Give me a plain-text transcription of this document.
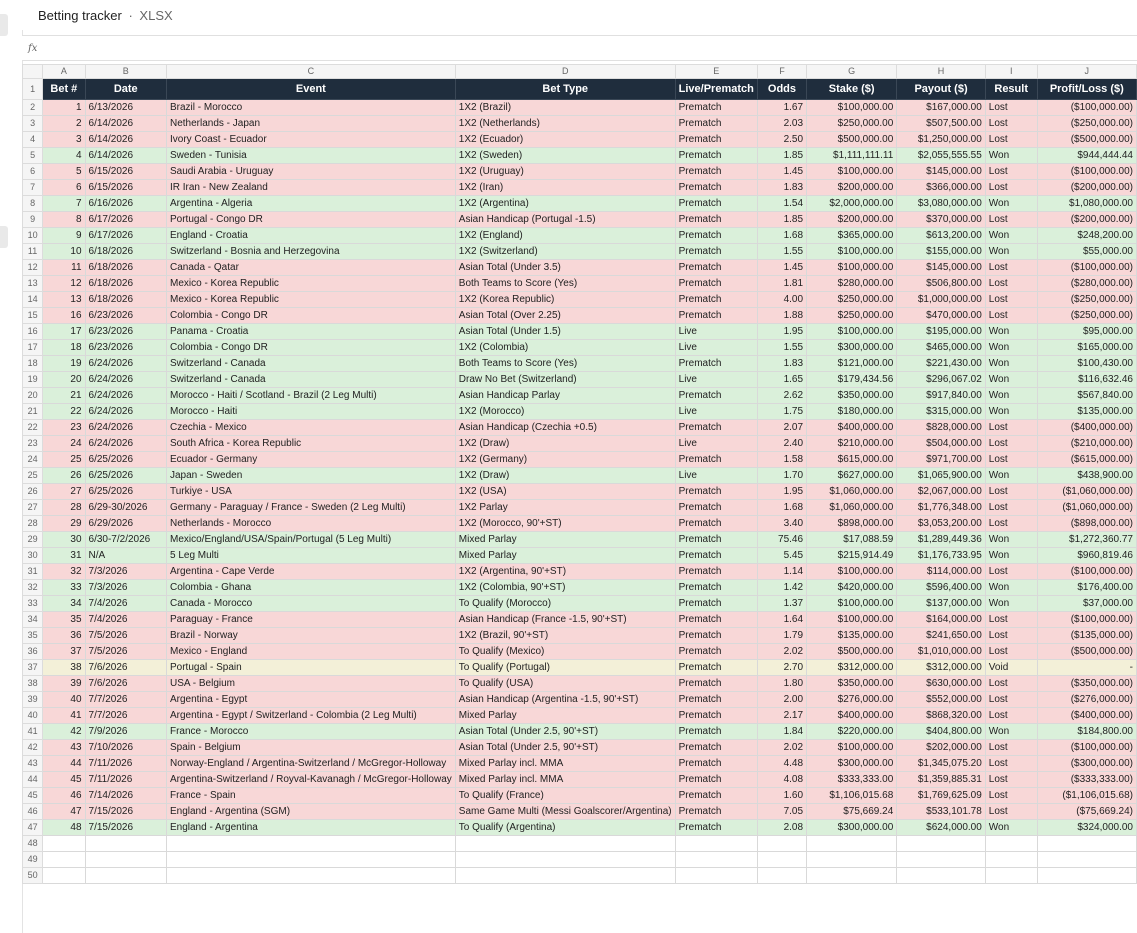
Betting tracker · XLSX
fx
	A	B	C	D	E	F	G	H	I	J
1	Bet #	Date	Event	Bet Type	Live/Prematch	Odds	Stake ($)	Payout ($)	Result	Profit/Loss ($)
2	1	6/13/2026	Brazil - Morocco	1X2 (Brazil)	Prematch	1.67	$100,000.00	$167,000.00	Lost	($100,000.00)
3	2	6/14/2026	Netherlands - Japan	1X2 (Netherlands)	Prematch	2.03	$250,000.00	$507,500.00	Lost	($250,000.00)
4	3	6/14/2026	Ivory Coast - Ecuador	1X2 (Ecuador)	Prematch	2.50	$500,000.00	$1,250,000.00	Lost	($500,000.00)
5	4	6/14/2026	Sweden - Tunisia	1X2 (Sweden)	Prematch	1.85	$1,111,111.11	$2,055,555.55	Won	$944,444.44
6	5	6/15/2026	Saudi Arabia - Uruguay	1X2 (Uruguay)	Prematch	1.45	$100,000.00	$145,000.00	Lost	($100,000.00)
7	6	6/15/2026	IR Iran - New Zealand	1X2 (Iran)	Prematch	1.83	$200,000.00	$366,000.00	Lost	($200,000.00)
8	7	6/16/2026	Argentina - Algeria	1X2 (Argentina)	Prematch	1.54	$2,000,000.00	$3,080,000.00	Won	$1,080,000.00
9	8	6/17/2026	Portugal - Congo DR	Asian Handicap (Portugal -1.5)	Prematch	1.85	$200,000.00	$370,000.00	Lost	($200,000.00)
10	9	6/17/2026	England - Croatia	1X2 (England)	Prematch	1.68	$365,000.00	$613,200.00	Won	$248,200.00
11	10	6/18/2026	Switzerland - Bosnia and Herzegovina	1X2 (Switzerland)	Prematch	1.55	$100,000.00	$155,000.00	Won	$55,000.00
12	11	6/18/2026	Canada - Qatar	Asian Total (Under 3.5)	Prematch	1.45	$100,000.00	$145,000.00	Lost	($100,000.00)
13	12	6/18/2026	Mexico - Korea Republic	Both Teams to Score (Yes)	Prematch	1.81	$280,000.00	$506,800.00	Lost	($280,000.00)
14	13	6/18/2026	Mexico - Korea Republic	1X2 (Korea Republic)	Prematch	4.00	$250,000.00	$1,000,000.00	Lost	($250,000.00)
15	16	6/23/2026	Colombia - Congo DR	Asian Total (Over 2.25)	Prematch	1.88	$250,000.00	$470,000.00	Lost	($250,000.00)
16	17	6/23/2026	Panama - Croatia	Asian Total (Under 1.5)	Live	1.95	$100,000.00	$195,000.00	Won	$95,000.00
17	18	6/23/2026	Colombia - Congo DR	1X2 (Colombia)	Live	1.55	$300,000.00	$465,000.00	Won	$165,000.00
18	19	6/24/2026	Switzerland - Canada	Both Teams to Score (Yes)	Prematch	1.83	$121,000.00	$221,430.00	Won	$100,430.00
19	20	6/24/2026	Switzerland - Canada	Draw No Bet (Switzerland)	Live	1.65	$179,434.56	$296,067.02	Won	$116,632.46
20	21	6/24/2026	Morocco - Haiti / Scotland - Brazil (2 Leg Multi)	Asian Handicap Parlay	Prematch	2.62	$350,000.00	$917,840.00	Won	$567,840.00
21	22	6/24/2026	Morocco - Haiti	1X2 (Morocco)	Live	1.75	$180,000.00	$315,000.00	Won	$135,000.00
22	23	6/24/2026	Czechia - Mexico	Asian Handicap (Czechia +0.5)	Prematch	2.07	$400,000.00	$828,000.00	Lost	($400,000.00)
23	24	6/24/2026	South Africa - Korea Republic	1X2 (Draw)	Live	2.40	$210,000.00	$504,000.00	Lost	($210,000.00)
24	25	6/25/2026	Ecuador - Germany	1X2 (Germany)	Prematch	1.58	$615,000.00	$971,700.00	Lost	($615,000.00)
25	26	6/25/2026	Japan - Sweden	1X2 (Draw)	Live	1.70	$627,000.00	$1,065,900.00	Won	$438,900.00
26	27	6/25/2026	Turkiye - USA	1X2 (USA)	Prematch	1.95	$1,060,000.00	$2,067,000.00	Lost	($1,060,000.00)
27	28	6/29-30/2026	Germany - Paraguay / France - Sweden (2 Leg Multi)	1X2 Parlay	Prematch	1.68	$1,060,000.00	$1,776,348.00	Lost	($1,060,000.00)
28	29	6/29/2026	Netherlands - Morocco	1X2 (Morocco, 90'+ST)	Prematch	3.40	$898,000.00	$3,053,200.00	Lost	($898,000.00)
29	30	6/30-7/2/2026	Mexico/England/USA/Spain/Portugal (5 Leg Multi)	Mixed Parlay	Prematch	75.46	$17,088.59	$1,289,449.36	Won	$1,272,360.77
30	31	N/A	5 Leg Multi	Mixed Parlay	Prematch	5.45	$215,914.49	$1,176,733.95	Won	$960,819.46
31	32	7/3/2026	Argentina - Cape Verde	1X2 (Argentina, 90'+ST)	Prematch	1.14	$100,000.00	$114,000.00	Lost	($100,000.00)
32	33	7/3/2026	Colombia - Ghana	1X2 (Colombia, 90'+ST)	Prematch	1.42	$420,000.00	$596,400.00	Won	$176,400.00
33	34	7/4/2026	Canada - Morocco	To Qualify (Morocco)	Prematch	1.37	$100,000.00	$137,000.00	Won	$37,000.00
34	35	7/4/2026	Paraguay - France	Asian Handicap (France -1.5, 90'+ST)	Prematch	1.64	$100,000.00	$164,000.00	Lost	($100,000.00)
35	36	7/5/2026	Brazil - Norway	1X2 (Brazil, 90'+ST)	Prematch	1.79	$135,000.00	$241,650.00	Lost	($135,000.00)
36	37	7/5/2026	Mexico - England	To Qualify (Mexico)	Prematch	2.02	$500,000.00	$1,010,000.00	Lost	($500,000.00)
37	38	7/6/2026	Portugal - Spain	To Qualify (Portugal)	Prematch	2.70	$312,000.00	$312,000.00	Void	-
38	39	7/6/2026	USA - Belgium	To Qualify (USA)	Prematch	1.80	$350,000.00	$630,000.00	Lost	($350,000.00)
39	40	7/7/2026	Argentina - Egypt	Asian Handicap (Argentina -1.5, 90'+ST)	Prematch	2.00	$276,000.00	$552,000.00	Lost	($276,000.00)
40	41	7/7/2026	Argentina - Egypt / Switzerland - Colombia (2 Leg Multi)	Mixed Parlay	Prematch	2.17	$400,000.00	$868,320.00	Lost	($400,000.00)
41	42	7/9/2026	France - Morocco	Asian Total (Under 2.5, 90'+ST)	Prematch	1.84	$220,000.00	$404,800.00	Won	$184,800.00
42	43	7/10/2026	Spain - Belgium	Asian Total (Under 2.5, 90'+ST)	Prematch	2.02	$100,000.00	$202,000.00	Lost	($100,000.00)
43	44	7/11/2026	Norway-England / Argentina-Switzerland / McGregor-Holloway	Mixed Parlay incl. MMA	Prematch	4.48	$300,000.00	$1,345,075.20	Lost	($300,000.00)
44	45	7/11/2026	Argentina-Switzerland / Royval-Kavanagh / McGregor-Holloway	Mixed Parlay incl. MMA	Prematch	4.08	$333,333.00	$1,359,885.31	Lost	($333,333.00)
45	46	7/14/2026	France - Spain	To Qualify (France)	Prematch	1.60	$1,106,015.68	$1,769,625.09	Lost	($1,106,015.68)
46	47	7/15/2026	England - Argentina (SGM)	Same Game Multi (Messi Goalscorer/Argentina)	Prematch	7.05	$75,669.24	$533,101.78	Lost	($75,669.24)
47	48	7/15/2026	England - Argentina	To Qualify (Argentina)	Prematch	2.08	$300,000.00	$624,000.00	Won	$324,000.00
48										
49										
50										
